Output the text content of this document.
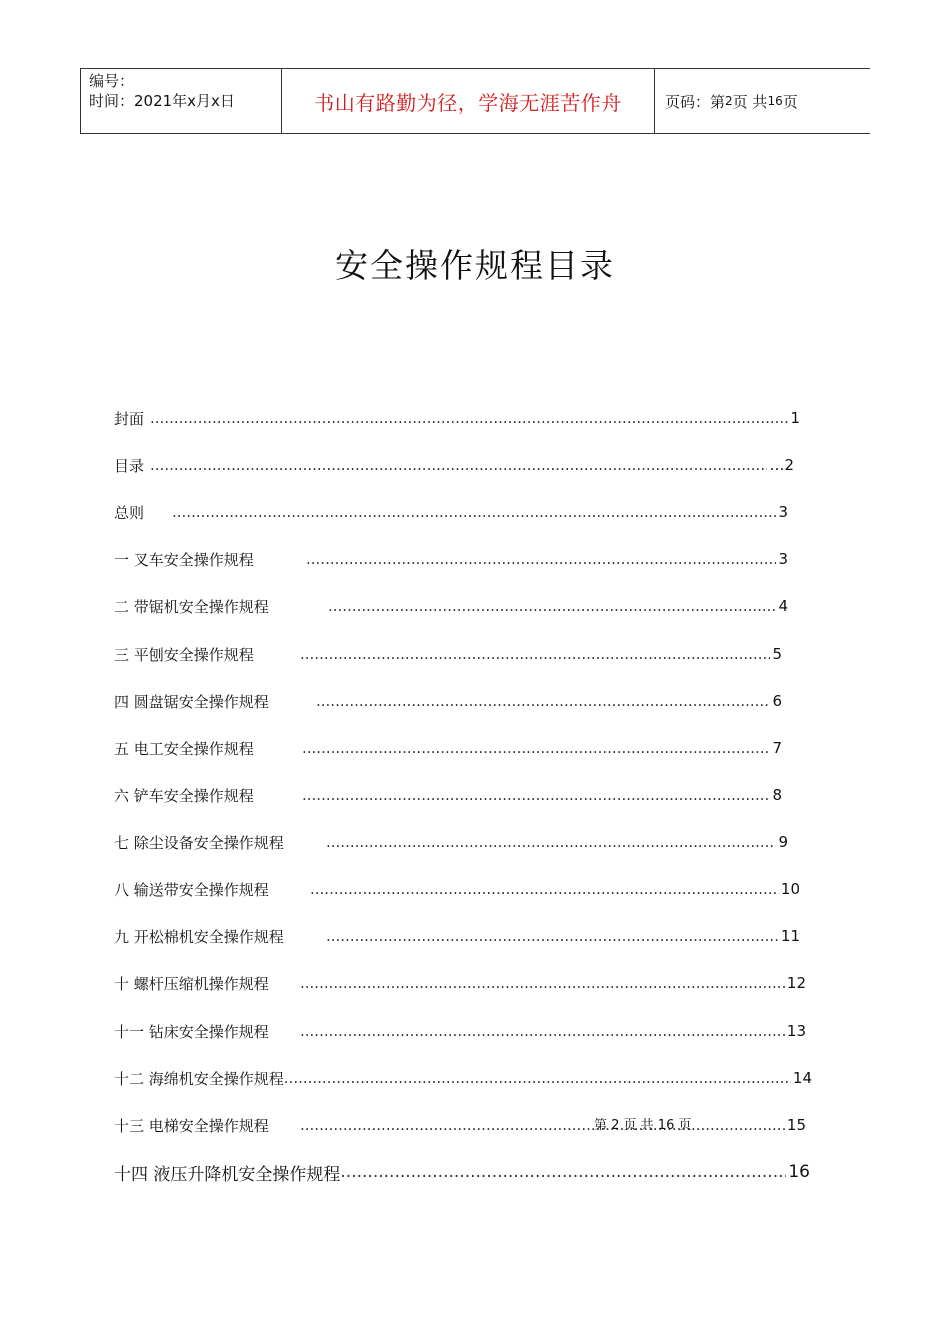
编号：
时间：2021年x月x日	书山有路勤为径，学海无涯苦作舟	页码：第 2 页 共 16 页
安全操作规程目录
封面 .....	1
目录 .....	…2
总则 .....	3
一 叉车安全操作规程 .....	3
二 带锯机安全操作规程 .....	4
三 平刨安全操作规程 .....	5
四 圆盘锯安全操作规程 .....	6
五 电工安全操作规程 .....	7
六 铲车安全操作规程 .....	8
七 除尘设备安全操作规程 .....	9
八 输送带安全操作规程 .....	10
九 开松棉机安全操作规程 .....	11
十 螺杆压缩机操作规程 .....	12
十一 钻床安全操作规程 .....	13
十二 海绵机安全操作规程 .....	14
十三 电梯安全操作规程 .....	15
十四 液压升降机安全操作规程 .....	16
第 2 页 共 16 页
